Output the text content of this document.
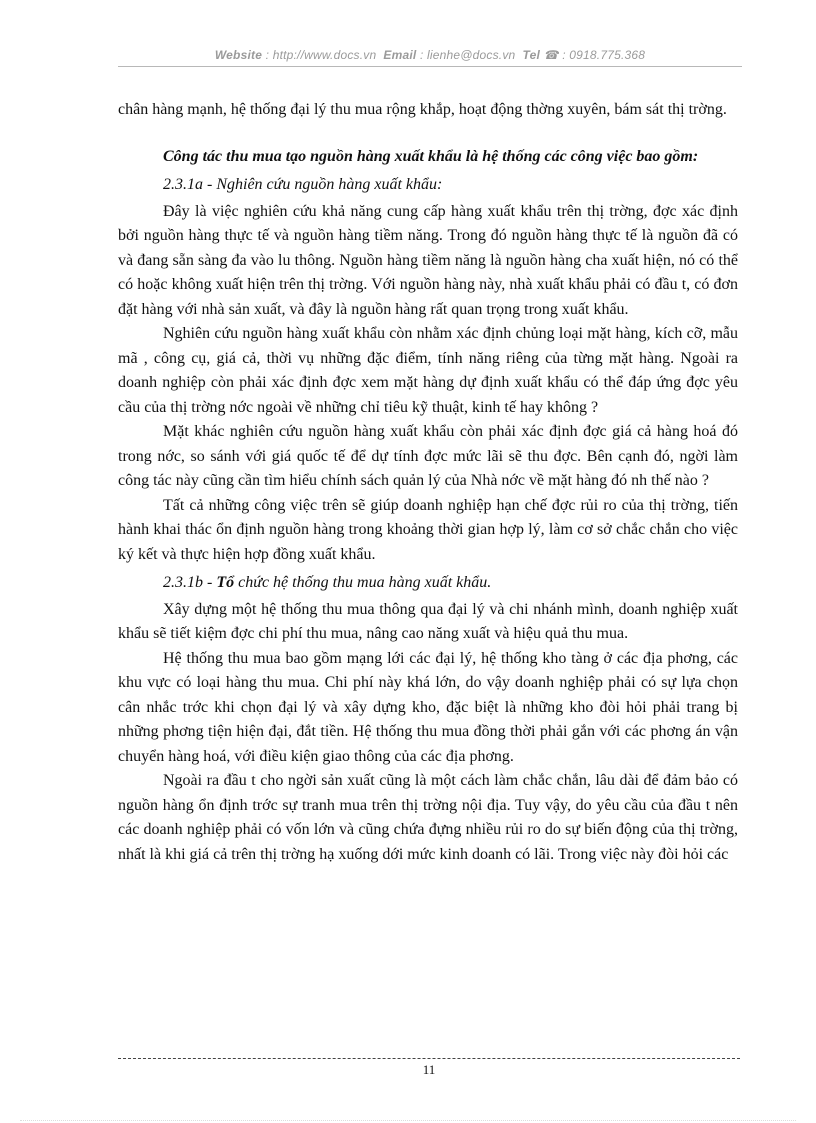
Website : http://www.docs.vn Email : lienhe@docs.vn Tel ☎ : 0918.775.368

chân hàng mạnh, hệ thống đại lý thu mua rộng khắp, hoạt động thờng xuyên, bám sát thị trờng.

Công tác thu mua tạo nguồn hàng xuất khẩu là hệ thống các công việc bao gồm:

2.3.1a - Nghiên cứu nguồn hàng xuất khẩu:

Đây là việc nghiên cứu khả năng cung cấp hàng xuất khẩu trên thị trờng, đợc xác định bởi nguồn hàng thực tế và nguồn hàng tiềm năng. Trong đó nguồn hàng thực tế là nguồn đã có và đang sẵn sàng đa vào lu thông. Nguồn hàng tiềm năng là nguồn hàng cha xuất hiện, nó có thể có hoặc không xuất hiện trên thị trờng. Với nguồn hàng này, nhà xuất khẩu phải có đầu t, có đơn đặt hàng với nhà sản xuất, và đây là nguồn hàng rất quan trọng trong xuất khẩu.

Nghiên cứu nguồn hàng xuất khẩu còn nhằm xác định chủng loại mặt hàng, kích cỡ, mẫu mã , công cụ, giá cả, thời vụ những đặc điểm, tính năng riêng của từng mặt hàng. Ngoài ra doanh nghiệp còn phải xác định đợc xem mặt hàng dự định xuất khẩu có thể đáp ứng đợc yêu cầu của thị trờng nớc ngoài về những chỉ tiêu kỹ thuật, kinh tế hay không ?

Mặt khác nghiên cứu nguồn hàng xuất khẩu còn phải xác định đợc giá cả hàng hoá đó trong nớc, so sánh với giá quốc tế để dự tính đợc mức lãi sẽ thu đợc. Bên cạnh đó, ngời làm công tác này cũng cần tìm hiểu chính sách quản lý của Nhà nớc về mặt hàng đó nh thế nào ?

Tất cả những công việc trên sẽ giúp doanh nghiệp hạn chế đợc rủi ro của thị trờng, tiến hành khai thác ổn định nguồn hàng trong khoảng thời gian hợp lý, làm cơ sở chắc chắn cho việc ký kết và thực hiện hợp đồng xuất khẩu.

2.3.1b - Tổ chức hệ thống thu mua hàng xuất khẩu.

Xây dựng một hệ thống thu mua thông qua đại lý và chi nhánh mình, doanh nghiệp xuất khẩu sẽ tiết kiệm đợc chi phí thu mua, nâng cao năng xuất và hiệu quả thu mua.

Hệ thống thu mua bao gồm mạng lới các đại lý, hệ thống kho tàng ở các địa phơng, các khu vực có loại hàng thu mua. Chi phí này khá lớn, do vậy doanh nghiệp phải có sự lựa chọn cân nhắc trớc khi chọn đại lý và xây dựng kho, đặc biệt là những kho đòi hỏi phải trang bị những phơng tiện hiện đại, đắt tiền. Hệ thống thu mua đồng thời phải gắn với các phơng án vận chuyển hàng hoá, với điều kiện giao thông của các địa phơng.

Ngoài ra đầu t cho ngời sản xuất cũng là một cách làm chắc chắn, lâu dài để đảm bảo có nguồn hàng ổn định trớc sự tranh mua trên thị trờng nội địa. Tuy vậy, do yêu cầu của đầu t nên các doanh nghiệp phải có vốn lớn và cũng chứa đựng nhiều rủi ro do sự biến động của thị trờng, nhất là khi giá cả trên thị trờng hạ xuống dới mức kinh doanh có lãi. Trong việc này đòi hỏi các

11
